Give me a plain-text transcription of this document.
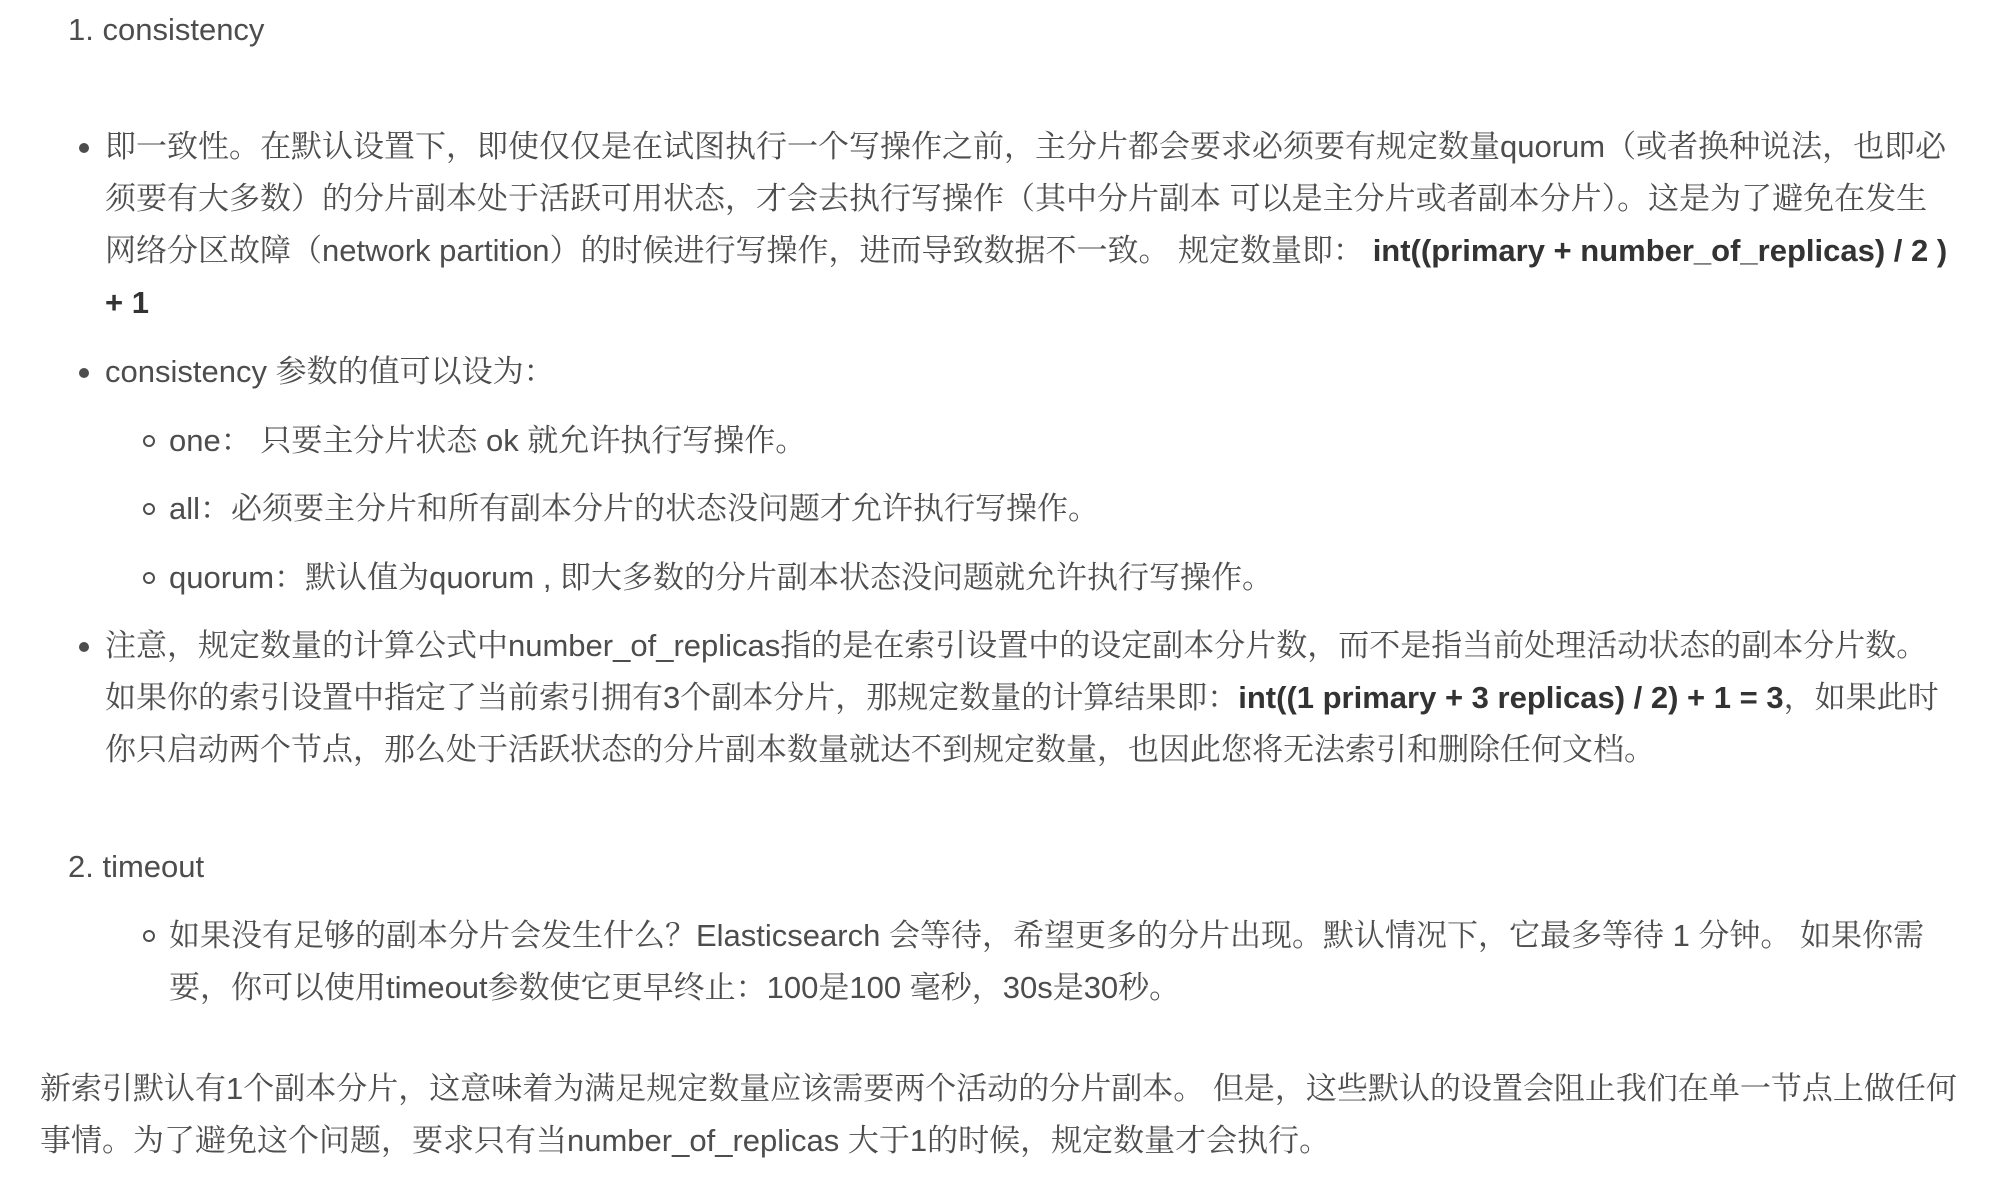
1. consistency
即一致性。在默认设置下，即使仅仅是在试图执行一个写操作之前，主分片都会要求必须要有规定数量quorum（或者换种说法，也即必须要有大多数）的分片副本处于活跃可用状态，才会去执行写操作（其中分片副本 可以是主分片或者副本分片）。这是为了避免在发生网络分区故障（network partition）的时候进行写操作，进而导致数据不一致。 规定数量即： int((primary + number_of_replicas) / 2 ) + 1
consistency 参数的值可以设为：
one： 只要主分片状态 ok 就允许执行写操作。
all：必须要主分片和所有副本分片的状态没问题才允许执行写操作。
quorum：默认值为quorum , 即大多数的分片副本状态没问题就允许执行写操作。
注意，规定数量的计算公式中number_of_replicas指的是在索引设置中的设定副本分片数，而不是指当前处理活动状态的副本分片数。如果你的索引设置中指定了当前索引拥有3个副本分片，那规定数量的计算结果即：int((1 primary + 3 replicas) / 2) + 1 = 3，如果此时你只启动两个节点，那么处于活跃状态的分片副本数量就达不到规定数量，也因此您将无法索引和删除任何文档。
2. timeout
如果没有足够的副本分片会发生什么？Elasticsearch 会等待，希望更多的分片出现。默认情况下，它最多等待 1 分钟。 如果你需要，你可以使用timeout参数使它更早终止：100是100 毫秒，30s是30秒。
新索引默认有1个副本分片，这意味着为满足规定数量应该需要两个活动的分片副本。 但是，这些默认的设置会阻止我们在单一节点上做任何事情。为了避免这个问题，要求只有当number_of_replicas 大于1的时候，规定数量才会执行。
